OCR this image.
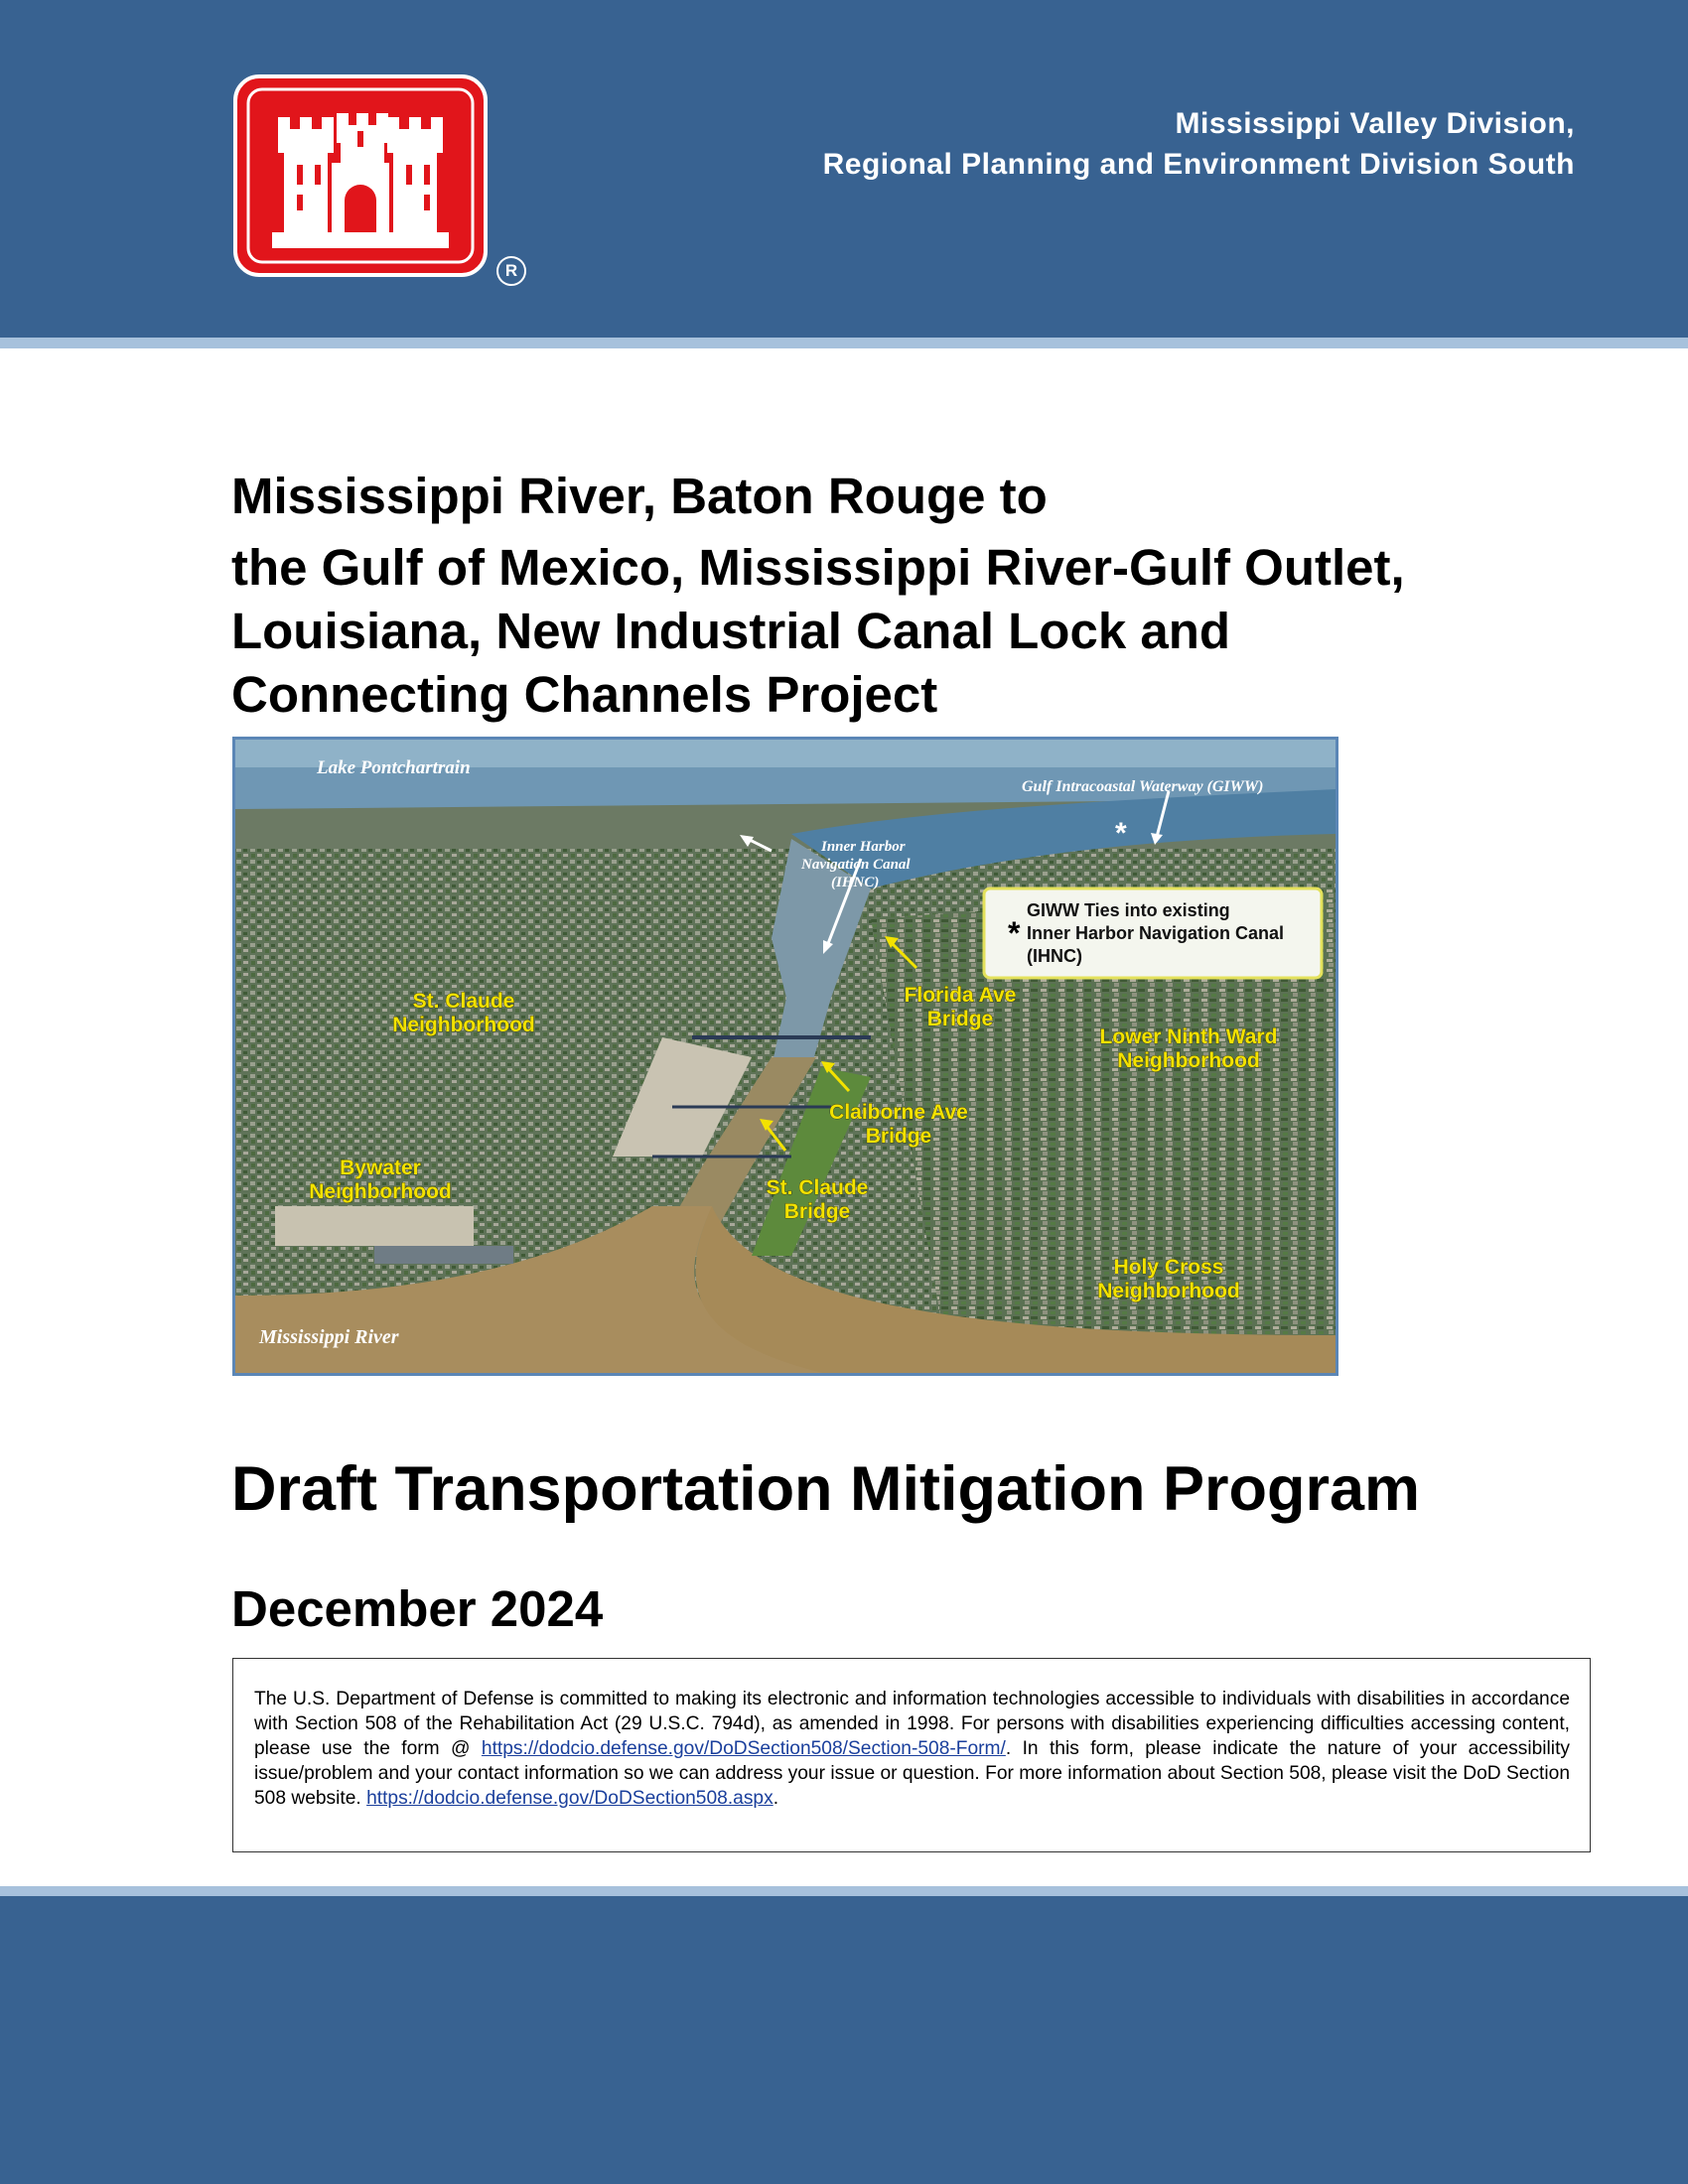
R
Mississippi Valley Division,
Regional Planning and Environment Division South
Mississippi River, Baton Rouge to
the Gulf of Mexico, Mississippi River-Gulf Outlet,
Louisiana, New Industrial Canal Lock and
Connecting Channels Project
*
GIWW Ties into existing
Inner Harbor Navigation Canal
(IHNC)
*
Lake Pontchartrain
Gulf Intracoastal Waterway (GIWW)
Inner Harbor
Navigation Canal
(IHNC)
Mississippi River
St. Claude
Neighborhood
Florida Ave
Bridge
Lower Ninth Ward
Neighborhood
Claiborne Ave
Bridge
Bywater
Neighborhood	St. Claude
Bridge
Holy Cross
Neighborhood
Draft Transportation Mitigation Program
December 2024
The U.S. Department of Defense is committed to making its electronic and information technologies accessible to individuals with disabilities in accordance with Section 508 of the Rehabilitation Act (29 U.S.C. 794d), as amended in 1998. For persons with disabilities experiencing difficulties accessing content, please use the form @ https://dodcio.defense.gov/DoDSection508/Section-508-Form/. In this form, please indicate the nature of your accessibility issue/problem and your contact information so we can address your issue or question. For more information about Section 508, please visit the DoD Section 508 website. https://dodcio.defense.gov/DoDSection508.aspx.
